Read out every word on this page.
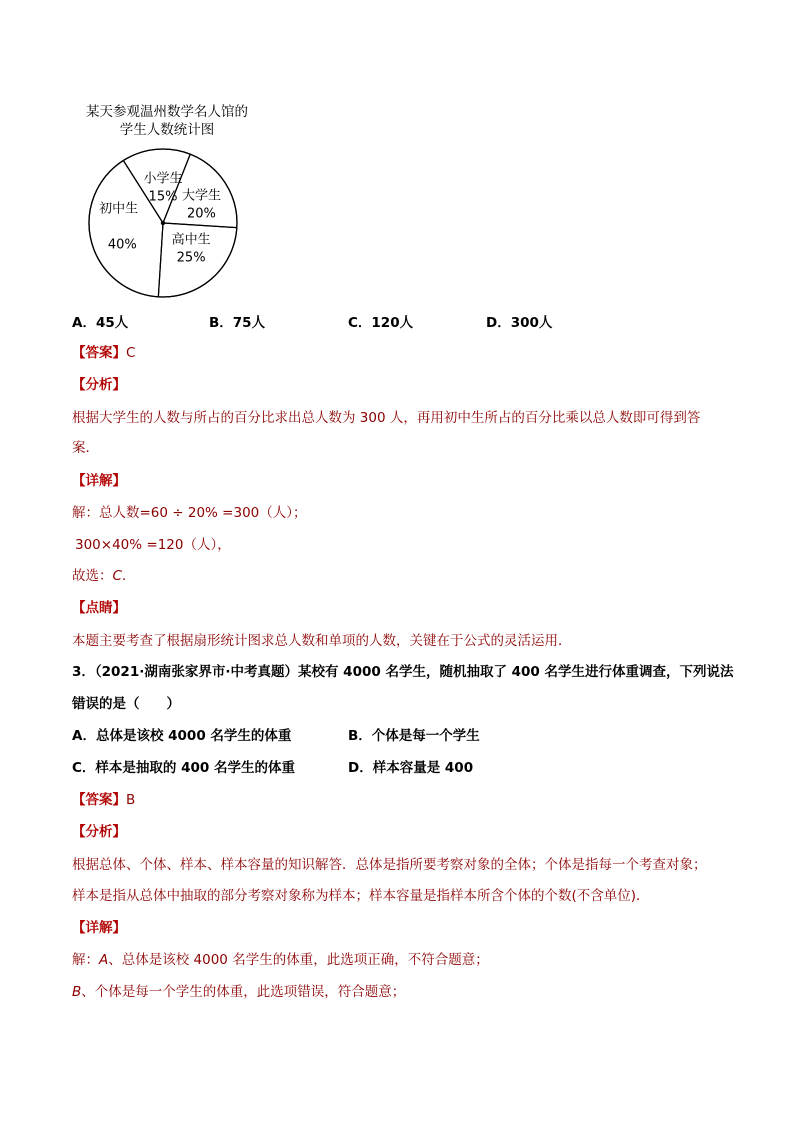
某天参观温州数学名人馆的
学生人数统计图
小学生
15% 大学生
20%
高中生
25%
初中生
40%
A．45人	B．75人	C．120人	D．300人
【答案】C
【分析】
根据大学生的人数与所占的百分比求出总人数为 300 人，再用初中生所占的百分比乘以总人数即可得到答
案．
【详解】
解：总人数=60 ÷ 20% =300（人）；
300×40% =120（人），
故选：C．
【点睛】
本题主要考查了根据扇形统计图求总人数和单项的人数，关键在于公式的灵活运用．
3．（2021·湖南张家界市·中考真题）某校有 4000 名学生，随机抽取了 400 名学生进行体重调查，下列说法
错误的是（　　）
A．总体是该校 4000 名学生的体重	B．个体是每一个学生
C．样本是抽取的 400 名学生的体重	D．样本容量是 400
【答案】B
【分析】
根据总体、个体、样本、样本容量的知识解答．总体是指所要考察对象的全体；个体是指每一个考查对象；
样本是指从总体中抽取的部分考察对象称为样本；样本容量是指样本所含个体的个数(不含单位)．
【详解】
解：A、总体是该校 4000 名学生的体重，此选项正确，不符合题意；
B、个体是每一个学生的体重，此选项错误，符合题意；
